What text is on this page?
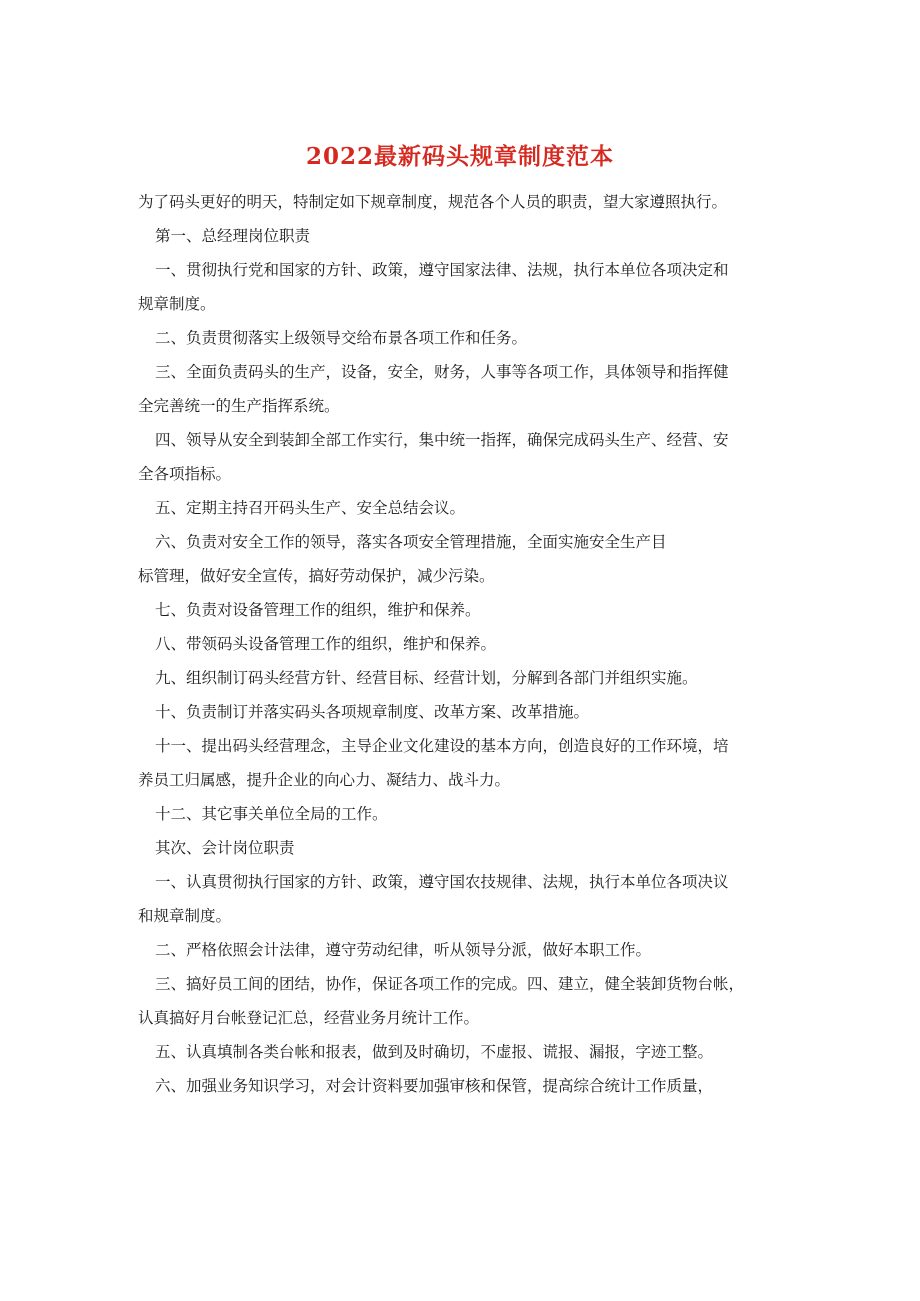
2022最新码头规章制度范本

为了码头更好的明天，特制定如下规章制度，规范各个人员的职责，望大家遵照执行。

第一、总经理岗位职责

一、贯彻执行党和国家的方针、政策，遵守国家法律、法规，执行本单位各项决定和

规章制度。

二、负责贯彻落实上级领导交给布景各项工作和任务。

三、全面负责码头的生产，设备，安全，财务，人事等各项工作，具体领导和指挥健

全完善统一的生产指挥系统。

四、领导从安全到装卸全部工作实行，集中统一指挥，确保完成码头生产、经营、安

全各项指标。

五、定期主持召开码头生产、安全总结会议。

六、负责对安全工作的领导，落实各项安全管理措施，全面实施安全生产目

标管理，做好安全宣传，搞好劳动保护，减少污染。

七、负责对设备管理工作的组织，维护和保养。

八、带领码头设备管理工作的组织，维护和保养。

九、组织制订码头经营方针、经营目标、经营计划，分解到各部门并组织实施。

十、负责制订并落实码头各项规章制度、改革方案、改革措施。

十一、提出码头经营理念，主导企业文化建设的基本方向，创造良好的工作环境，培

养员工归属感，提升企业的向心力、凝结力、战斗力。

十二、其它事关单位全局的工作。

其次、会计岗位职责

一、认真贯彻执行国家的方针、政策，遵守国农技规律、法规，执行本单位各项决议

和规章制度。

二、严格依照会计法律，遵守劳动纪律，听从领导分派，做好本职工作。

三、搞好员工间的团结，协作，保证各项工作的完成。四、建立，健全装卸货物台帐，

认真搞好月台帐登记汇总，经营业务月统计工作。

五、认真填制各类台帐和报表，做到及时确切，不虚报、谎报、漏报，字迹工整。

六、加强业务知识学习，对会计资料要加强审核和保管，提高综合统计工作质量，
